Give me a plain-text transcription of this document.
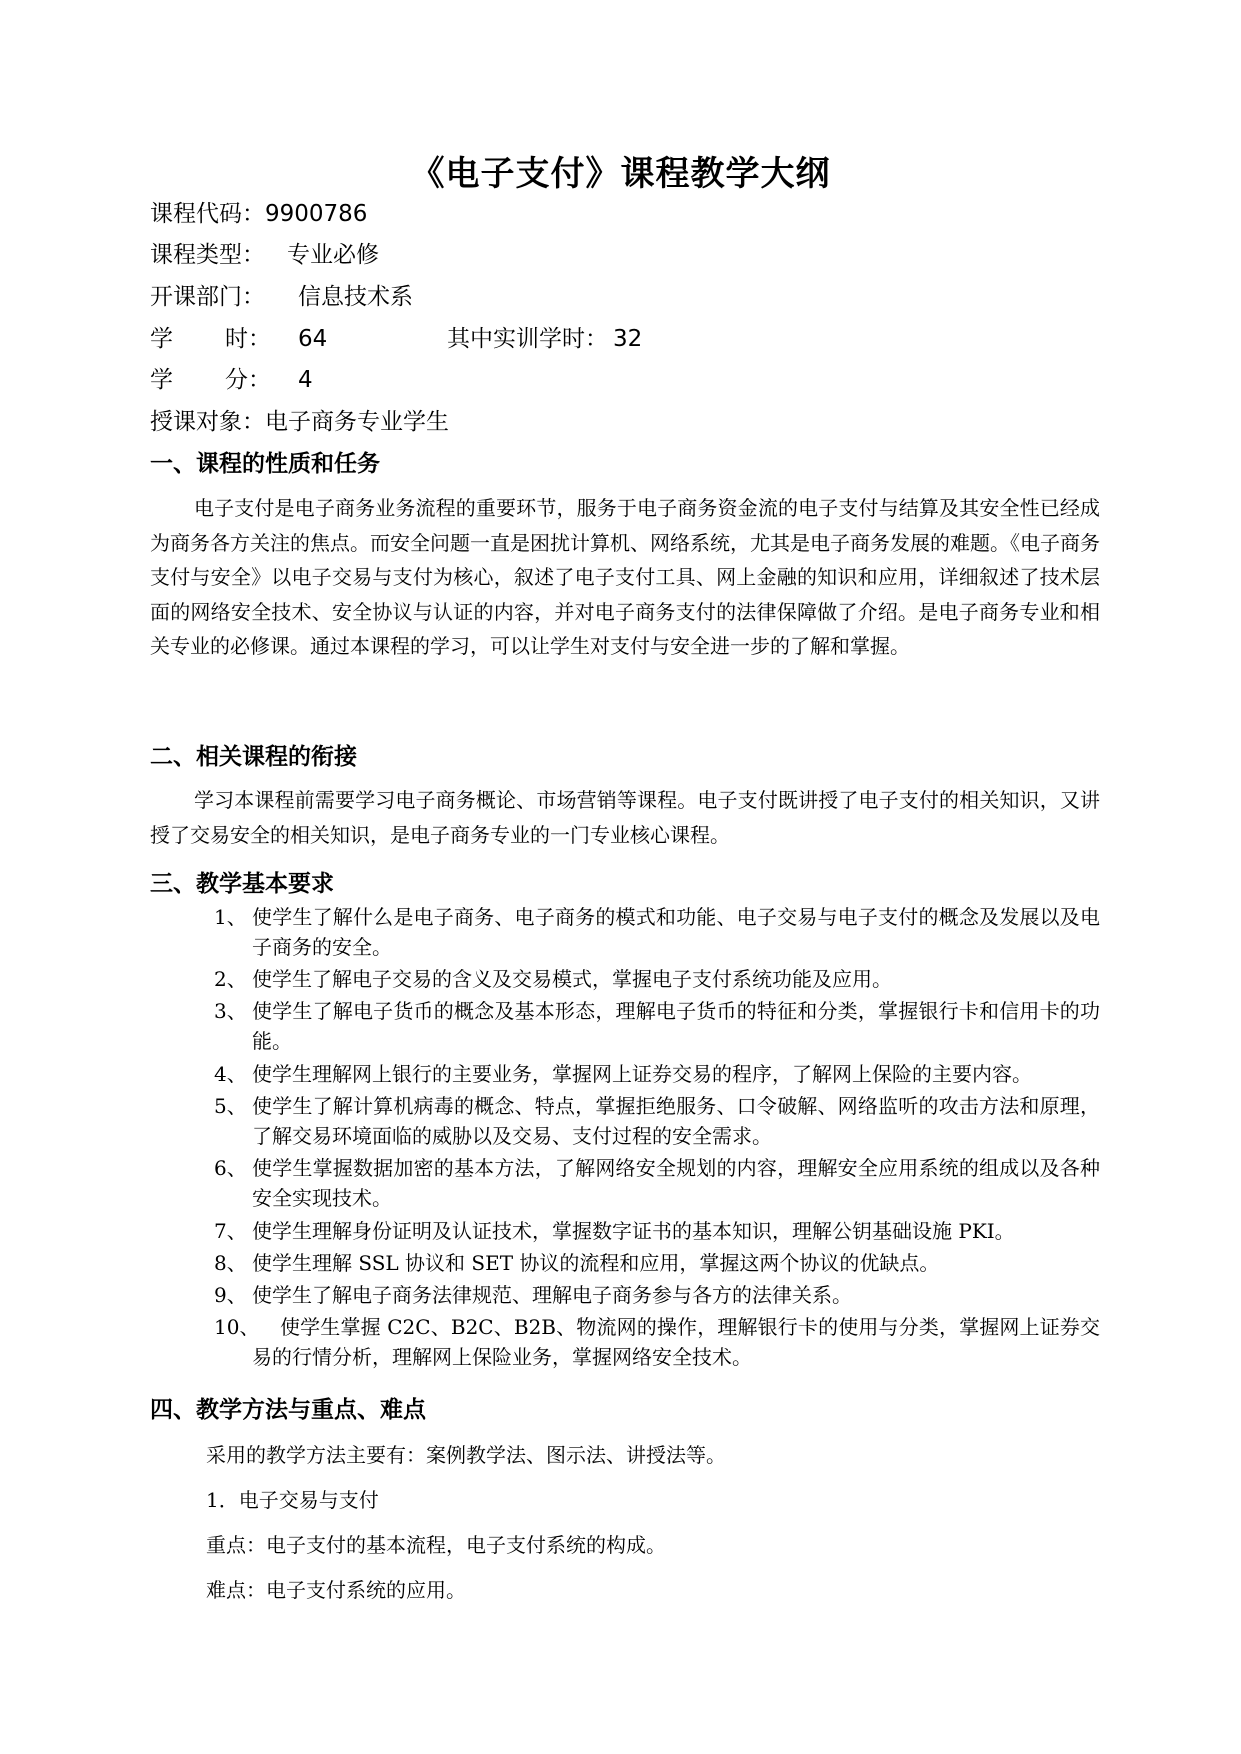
《电子支付》课程教学大纲
课程代码：9900786
课程类型： 专业必修
开课部门： 信息技术系
学 时： 64	其中实训学时： 32
学 分： 4
授课对象：电子商务专业学生
一、课程的性质和任务
电子支付是电子商务业务流程的重要环节，服务于电子商务资金流的电子支付与结算及其安全性已经成为商务各方关注的焦点。而安全问题一直是困扰计算机、网络系统，尤其是电子商务发展的难题。《电子商务支付与安全》以电子交易与支付为核心，叙述了电子支付工具、网上金融的知识和应用，详细叙述了技术层面的网络安全技术、安全协议与认证的内容，并对电子商务支付的法律保障做了介绍。是电子商务专业和相关专业的必修课。通过本课程的学习，可以让学生对支付与安全进一步的了解和掌握。
二、相关课程的衔接
学习本课程前需要学习电子商务概论、市场营销等课程。电子支付既讲授了电子支付的相关知识，又讲授了交易安全的相关知识，是电子商务专业的一门专业核心课程。
三、教学基本要求
1、 使学生了解什么是电子商务、电子商务的模式和功能、电子交易与电子支付的概念及发展以及电子商务的安全。
2、 使学生了解电子交易的含义及交易模式，掌握电子支付系统功能及应用。
3、 使学生了解电子货币的概念及基本形态，理解电子货币的特征和分类，掌握银行卡和信用卡的功能。
4、 使学生理解网上银行的主要业务，掌握网上证券交易的程序，了解网上保险的主要内容。
5、 使学生了解计算机病毒的概念、特点，掌握拒绝服务、口令破解、网络监听的攻击方法和原理，了解交易环境面临的威胁以及交易、支付过程的安全需求。
6、 使学生掌握数据加密的基本方法，了解网络安全规划的内容，理解安全应用系统的组成以及各种安全实现技术。
7、 使学生理解身份证明及认证技术，掌握数字证书的基本知识，理解公钥基础设施 PKI。
8、 使学生理解 SSL 协议和 SET 协议的流程和应用，掌握这两个协议的优缺点。
9、 使学生了解电子商务法律规范、理解电子商务参与各方的法律关系。
10、	使学生掌握 C2C、B2C、B2B、物流网的操作，理解银行卡的使用与分类，掌握网上证券交易的行情分析，理解网上保险业务，掌握网络安全技术。
四、教学方法与重点、难点
采用的教学方法主要有：案例教学法、图示法、讲授法等。
1．电子交易与支付
重点：电子支付的基本流程，电子支付系统的构成。
难点：电子支付系统的应用。
